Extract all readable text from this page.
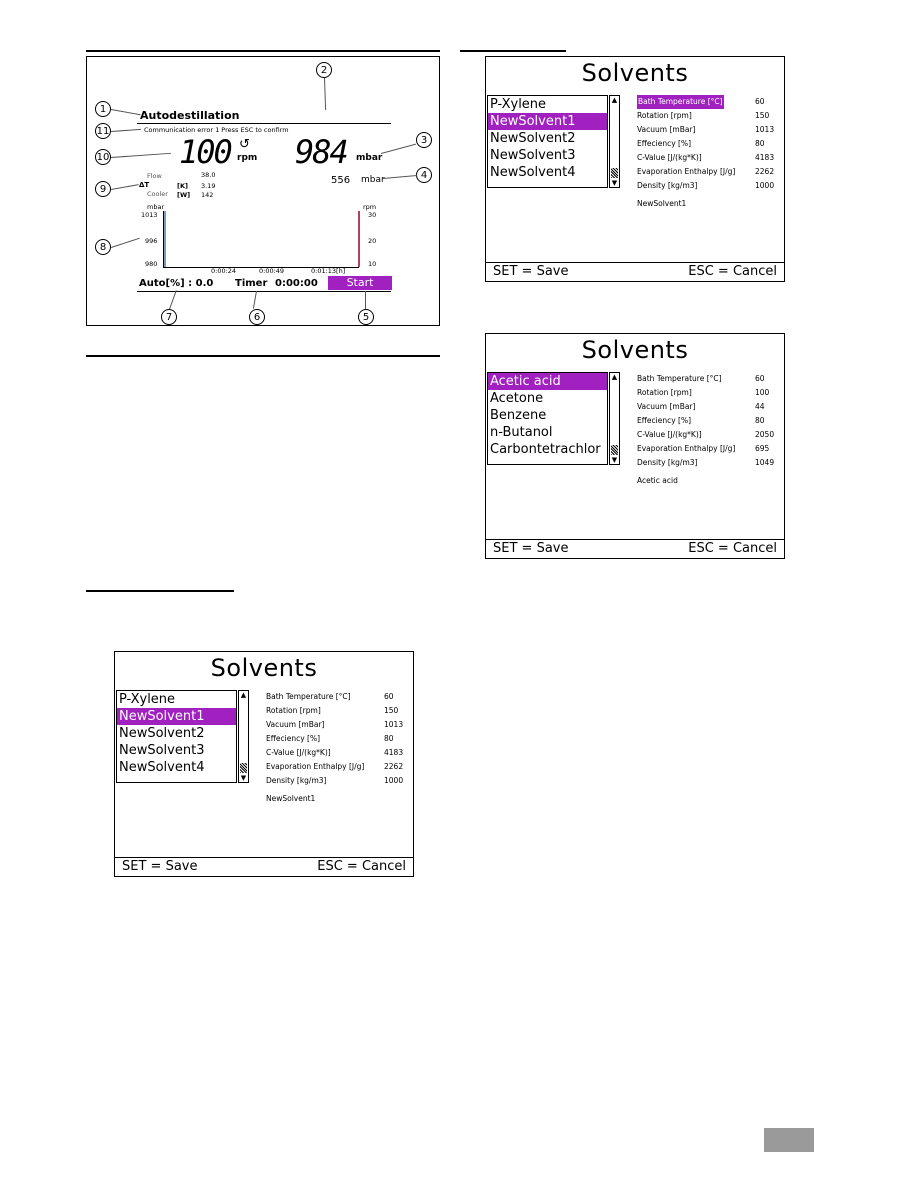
Autodestillation
Communication error 1 Press ESC to confirm
100 ↺
rpm 984 mbar
556 mbar
Flow	38.0
ΔT	[K] 3.19
Cooler [W] 142
mbar	rpm
1013
996
980
30
20
10
0:00:24	0:00:49	0:01:13[h]
Auto[%] : 0.0 Timer 0:00:00	Start
1
2
3
4
5
6
7
8
9
10
11
Solvents
P-Xylene
NewSolvent1
NewSolvent2
NewSolvent3
NewSolvent4
▲
▼
Bath Temperature [°C]	60
Rotation [rpm]	150
Vacuum [mBar]	1013
Effeciency [%]	80
C-Value [J/(kg*K)]	4183
Evaporation Enthalpy [J/g]	2262
Density [kg/m3]	1000
NewSolvent1
SET = Save	ESC = Cancel
Solvents
P-Xylene
NewSolvent1
NewSolvent2
NewSolvent3
NewSolvent4
▲
▼
Bath Temperature [°C]	60
Rotation [rpm]	150
Vacuum [mBar]	1013
Effeciency [%]	80
C-Value [J/(kg*K)]	4183
Evaporation Enthalpy [J/g]	2262
Density [kg/m3]	1000
NewSolvent1
SET = Save	ESC = Cancel
Solvents
Acetic acid
Acetone
Benzene
n-Butanol
Carbontetrachlor
▲
▼
Bath Temperature [°C]	60
Rotation [rpm]	100
Vacuum [mBar]	44
Effeciency [%]	80
C-Value [J/(kg*K)]	2050
Evaporation Enthalpy [J/g]	695
Density [kg/m3]	1049
Acetic acid
SET = Save	ESC = Cancel
